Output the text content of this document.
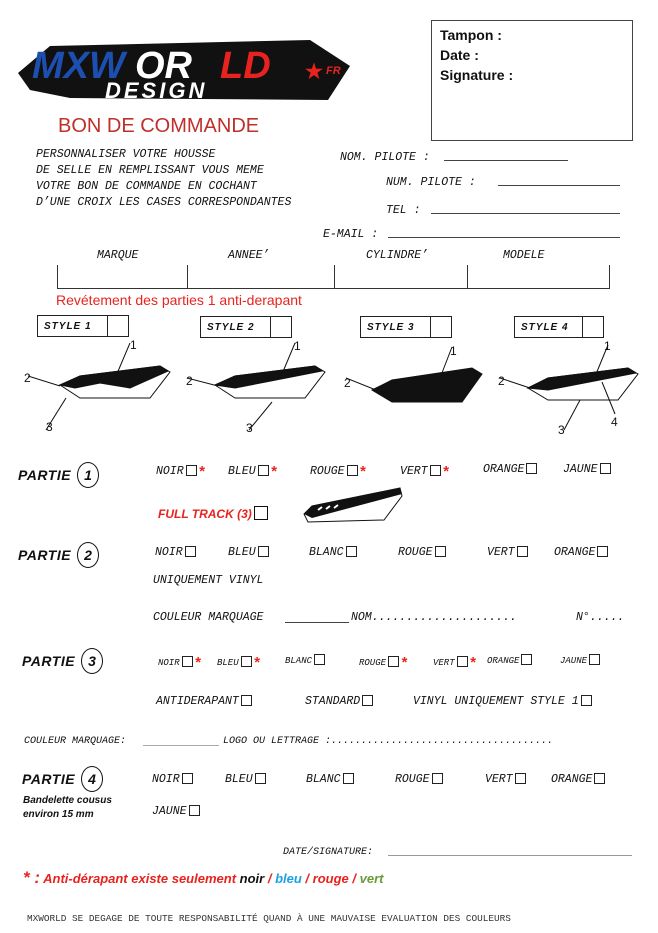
MXW OR LD ★ FR
DESIGN
BON DE COMMANDE
Tampon :
Date :
Signature :
PERSONNALISER VOTRE HOUSSE
DE SELLE EN REMPLISSANT VOUS MEME
VOTRE BON DE COMMANDE EN COCHANT
D’UNE CROIX LES CASES CORRESPONDANTES
NOM. PILOTE :
NUM. PILOTE :
TEL :
E-MAIL :
MARQUE	ANNEE’	CYLINDRE’	MODELE
Revétement des parties 1 anti-derapant
STYLE 1	STYLE 2	STYLE 3	STYLE 4
1
2
3
1
2
3
1
2
1
2
3
4
PARTIE 1
PARTIE 2
PARTIE 3
PARTIE 4
Bandelette cousus
environ 15 mm
FULL TRACK (3)
NOIR * BLEU *	ROUGE *	VERT *	ORANGE	JAUNE
NOIR	BLEU	BLANC	ROUGE	VERT	ORANGE
NOIR * BLEU *	BLANC	ROUGE *	VERT * ORANGE	JAUNE
ANTIDERAPANT	STANDARD	VINYL UNIQUEMENT STYLE 1
NOIR	BLEU	BLANC	ROUGE	VERT	ORANGE
JAUNE
UNIQUEMENT VINYL
COULEUR MARQUAGE	NOM.....................	N°.....
COULEUR MARQUAGE:	LOGO OU LETTRAGE :.....................................
DATE/SIGNATURE:
* : Anti-dérapant existe seulement noir / bleu / rouge / vert
MXWORLD SE DEGAGE DE TOUTE RESPONSABILITÉ QUAND À UNE MAUVAISE EVALUATION DES COULEURS
